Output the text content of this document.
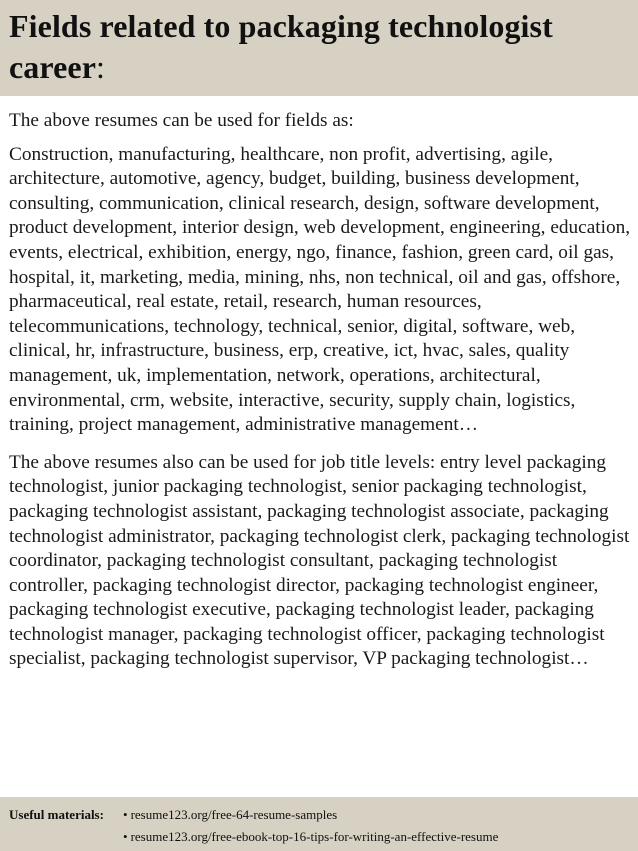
Fields related to packaging technologist career:

The above resumes can be used for fields as:

Construction, manufacturing, healthcare, non profit, advertising, agile, architecture, automotive, agency, budget, building, business development, consulting, communication, clinical research, design, software development, product development, interior design, web development, engineering, education, events, electrical, exhibition, energy, ngo, finance, fashion, green card, oil gas, hospital, it, marketing, media, mining, nhs, non technical, oil and gas, offshore, pharmaceutical, real estate, retail, research, human resources, telecommunications, technology, technical, senior, digital, software, web, clinical, hr, infrastructure, business, erp, creative, ict, hvac, sales, quality management, uk, implementation, network, operations, architectural, environmental, crm, website, interactive, security, supply chain, logistics, training, project management, administrative management…

The above resumes also can be used for job title levels: entry level packaging technologist, junior packaging technologist, senior packaging technologist, packaging technologist assistant, packaging technologist associate, packaging technologist administrator, packaging technologist clerk, packaging technologist coordinator, packaging technologist consultant, packaging technologist controller, packaging technologist director, packaging technologist engineer, packaging technologist executive, packaging technologist leader, packaging technologist manager, packaging technologist officer, packaging technologist specialist, packaging technologist supervisor, VP packaging technologist…

Useful materials:	• resume123.org/free-64-resume-samples
• resume123.org/free-ebook-top-16-tips-for-writing-an-effective-resume
